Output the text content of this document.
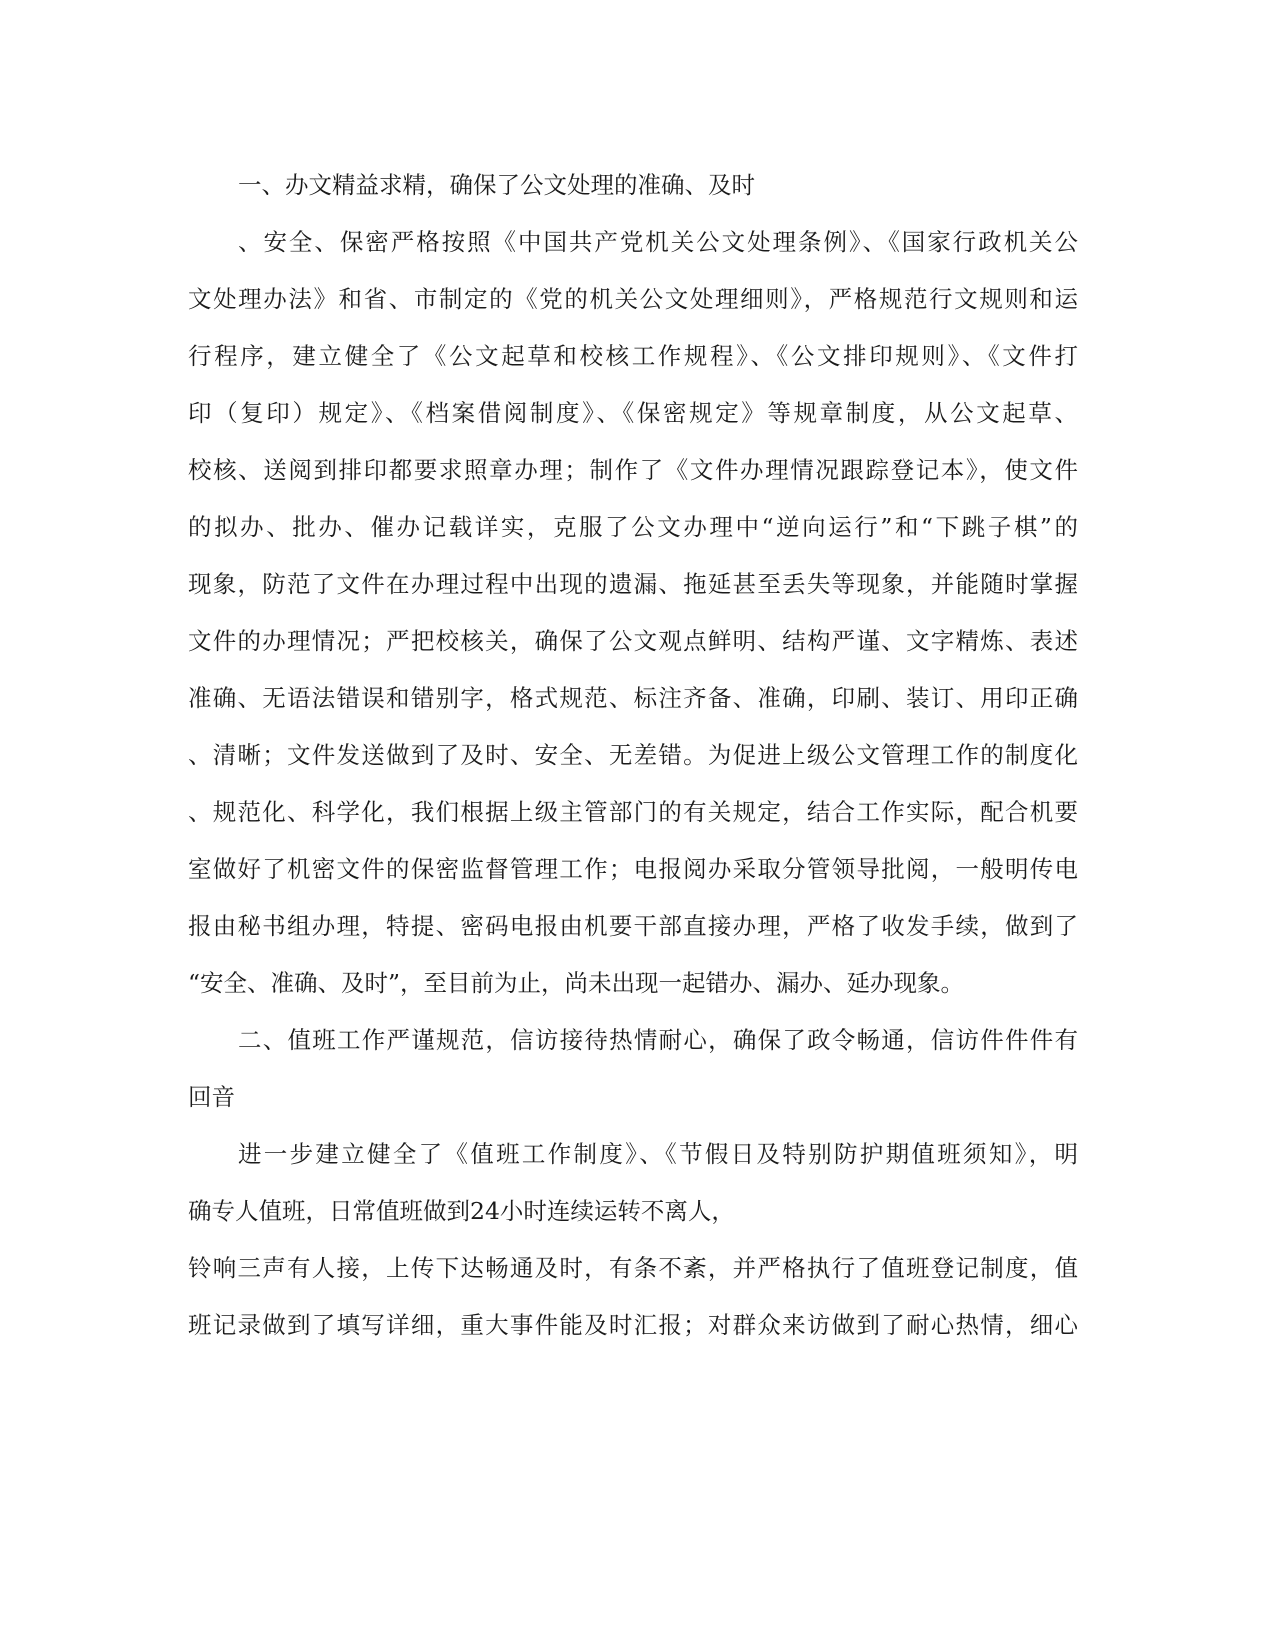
一、办文精益求精，确保了公文处理的准确、及时

、安全、保密严格按照《中国共产党机关公文处理条例》、《国家行政机关公

文处理办法》和省、市制定的《党的机关公文处理细则》，严格规范行文规则和运

行程序，建立健全了《公文起草和校核工作规程》、《公文排印规则》、《文件打

印（复印）规定》、《档案借阅制度》、《保密规定》等规章制度，从公文起草、

校核、送阅到排印都要求照章办理；制作了《文件办理情况跟踪登记本》，使文件

的拟办、批办、催办记载详实，克服了公文办理中“逆向运行”和“下跳子棋”的

现象，防范了文件在办理过程中出现的遗漏、拖延甚至丢失等现象，并能随时掌握

文件的办理情况；严把校核关，确保了公文观点鲜明、结构严谨、文字精炼、表述

准确、无语法错误和错别字，格式规范、标注齐备、准确，印刷、装订、用印正确

、清晰；文件发送做到了及时、安全、无差错。为促进上级公文管理工作的制度化

、规范化、科学化，我们根据上级主管部门的有关规定，结合工作实际，配合机要

室做好了机密文件的保密监督管理工作；电报阅办采取分管领导批阅，一般明传电

报由秘书组办理，特提、密码电报由机要干部直接办理，严格了收发手续，做到了

“安全、准确、及时”，至目前为止，尚未出现一起错办、漏办、延办现象。

二、值班工作严谨规范，信访接待热情耐心，确保了政令畅通，信访件件件有

回音

进一步建立健全了《值班工作制度》、《节假日及特别防护期值班须知》，明

确专人值班，日常值班做到24小时连续运转不离人，

铃响三声有人接，上传下达畅通及时，有条不紊，并严格执行了值班登记制度，值

班记录做到了填写详细，重大事件能及时汇报；对群众来访做到了耐心热情，细心
